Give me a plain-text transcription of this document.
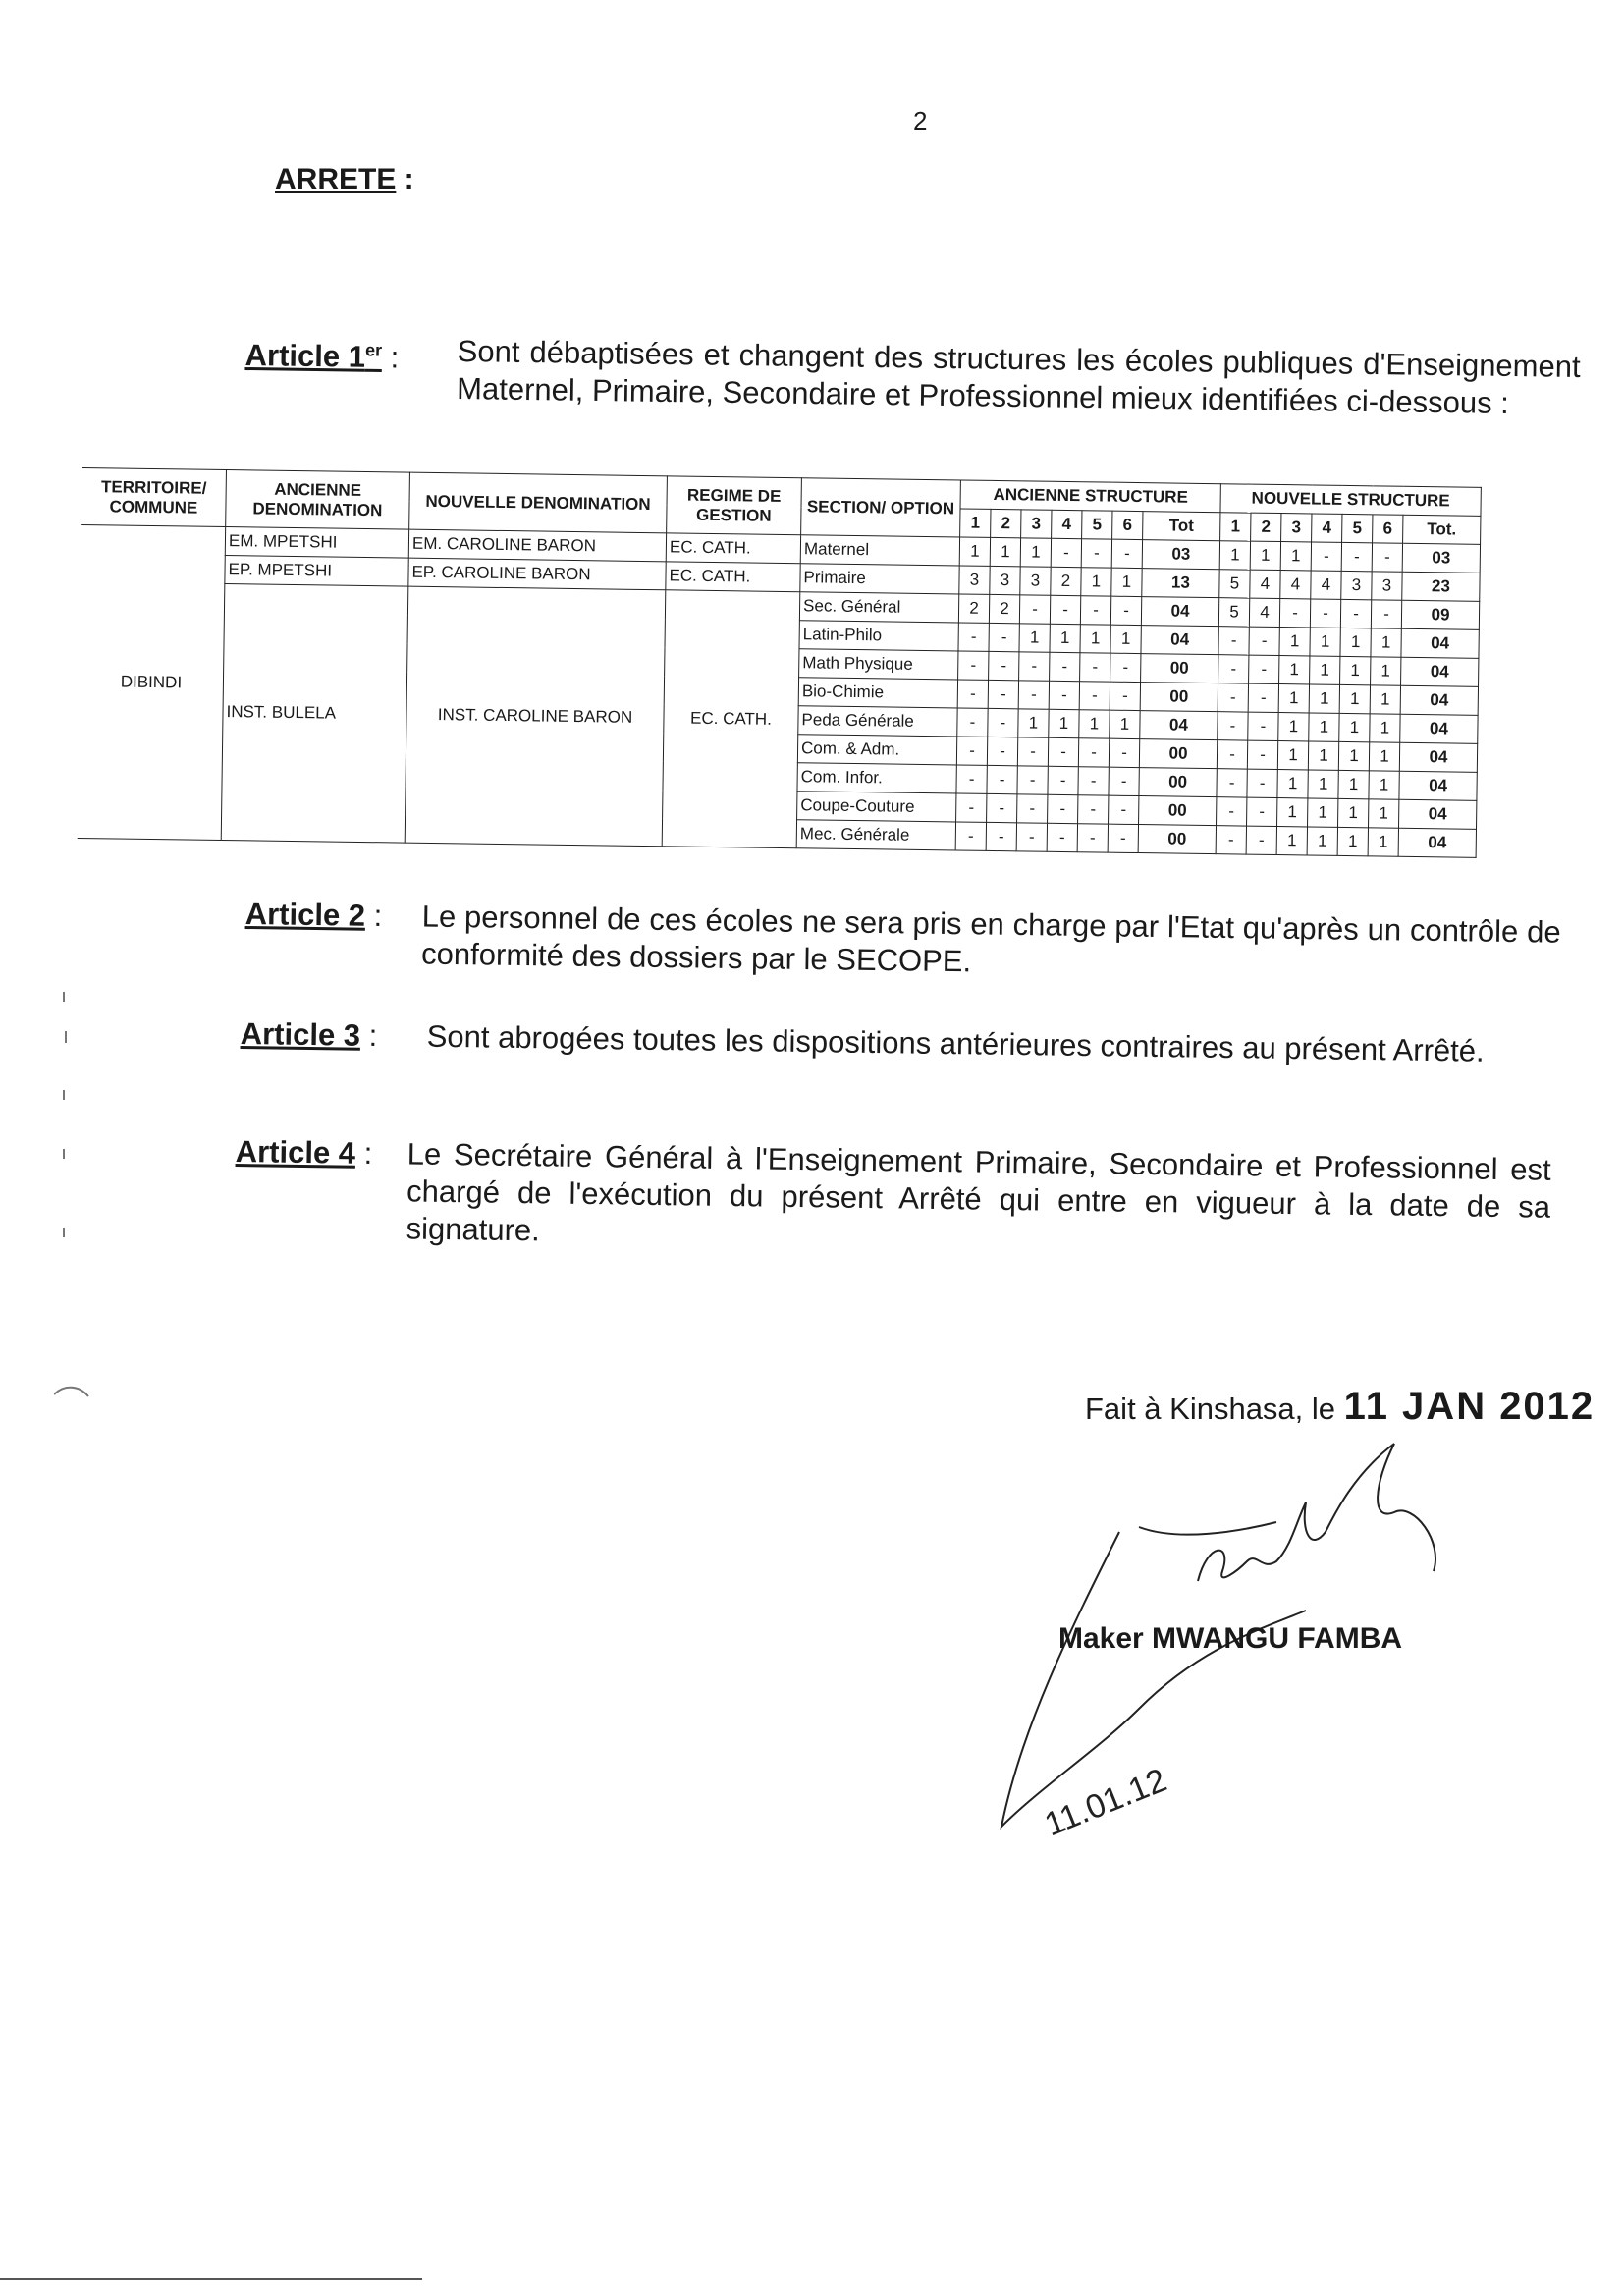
2
ARRETE :
Article 1er : Sont débaptisées et changent des structures les écoles publiques d'Enseignement Maternel, Primaire, Secondaire et Professionnel mieux identifiées ci-dessous :
TERRITOIRE/ COMMUNE	ANCIENNE DENOMINATION	NOUVELLE DENOMINATION	REGIME DE GESTION	SECTION/ OPTION	ANCIENNE STRUCTURE							NOUVELLE STRUCTURE						
					1	2	3	4	5	6	Tot	1	2	3	4	5	6	Tot.
DIBINDI	EM. MPETSHI	EM. CAROLINE BARON	EC. CATH.	Maternel	1	1	1	-	-	-	03	1	1	1	-	-	-	03
	EP. MPETSHI	EP. CAROLINE BARON	EC. CATH.	Primaire	3	3	3	2	1	1	13	5	4	4	4	3	3	23
	INST. BULELA	INST. CAROLINE BARON	EC. CATH.	Sec. Général	2	2	-	-	-	-	04	5	4	-	-	-	-	09
				Latin-Philo	-	-	1	1	1	1	04	-	-	1	1	1	1	04
				Math Physique	-	-	-	-	-	-	00	-	-	1	1	1	1	04
				Bio-Chimie	-	-	-	-	-	-	00	-	-	1	1	1	1	04
				Peda Générale	-	-	1	1	1	1	04	-	-	1	1	1	1	04
				Com. & Adm.	-	-	-	-	-	-	00	-	-	1	1	1	1	04
				Com. Infor.	-	-	-	-	-	-	00	-	-	1	1	1	1	04
				Coupe-Couture	-	-	-	-	-	-	00	-	-	1	1	1	1	04
				Mec. Générale	-	-	-	-	-	-	00	-	-	1	1	1	1	04
Article 2 : Le personnel de ces écoles ne sera pris en charge par l'Etat qu'après un contrôle de conformité des dossiers par le SECOPE.
Article 3 : Sont abrogées toutes les dispositions antérieures contraires au présent Arrêté.
Article 4 : Le Secrétaire Général à l'Enseignement Primaire, Secondaire et Professionnel est chargé de l'exécution du présent Arrêté qui entre en vigueur à la date de sa signature.
Fait à Kinshasa, le 11 JAN 2012
11.01.12
Maker MWANGU FAMBA
